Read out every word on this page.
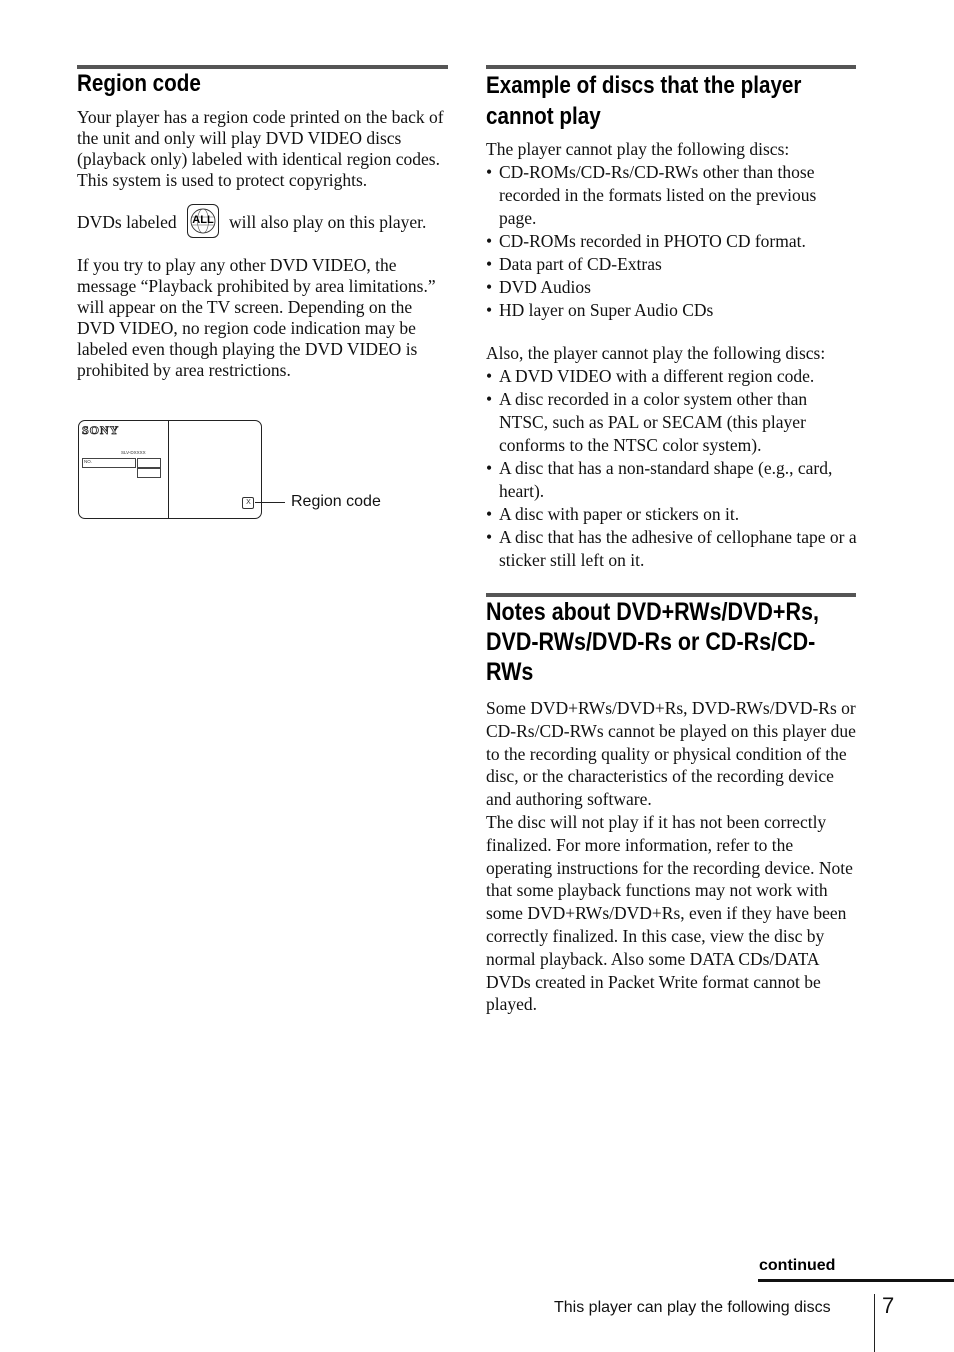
Region code

Your player has a region code printed on the back of the unit and only will play DVD VIDEO discs (playback only) labeled with identical region codes. This system is used to protect copyrights.

DVDs labeled	ALL will also play on this player.

If you try to play any other DVD VIDEO, the message “Playback prohibited by area limitations.” will appear on the TV screen. Depending on the DVD VIDEO, no region code indication may be labeled even though playing the DVD VIDEO is prohibited by area restrictions.

SONY
SLV-DXXXX
NO.
X	Region code
Example of discs that the player
cannot play

The player cannot play the following discs:

• CD-ROMs/CD-Rs/CD-RWs other than those recorded in the formats listed on the previous page.
• CD-ROMs recorded in PHOTO CD format.
• Data part of CD-Extras
• DVD Audios
• HD layer on Super Audio CDs

Also, the player cannot play the following discs:

• A DVD VIDEO with a different region code.
• A disc recorded in a color system other than NTSC, such as PAL or SECAM (this player conforms to the NTSC color system).
• A disc that has a non-standard shape (e.g., card, heart).
• A disc with paper or stickers on it.
• A disc that has the adhesive of cellophane tape or a sticker still left on it.
Notes about DVD+RWs/DVD+Rs,
DVD-RWs/DVD-Rs or CD-Rs/CD-
RWs

Some DVD+RWs/DVD+Rs, DVD-RWs/DVD-Rs or CD-Rs/CD-RWs cannot be played on this player due to the recording quality or physical condition of the disc, or the characteristics of the recording device and authoring software.
The disc will not play if it has not been correctly finalized. For more information, refer to the operating instructions for the recording device. Note that some playback functions may not work with some DVD+RWs/DVD+Rs, even if they have been correctly finalized. In this case, view the disc by normal playback. Also some DATA CDs/DATA DVDs created in Packet Write format cannot be played.

continued
This player can play the following discs 7
